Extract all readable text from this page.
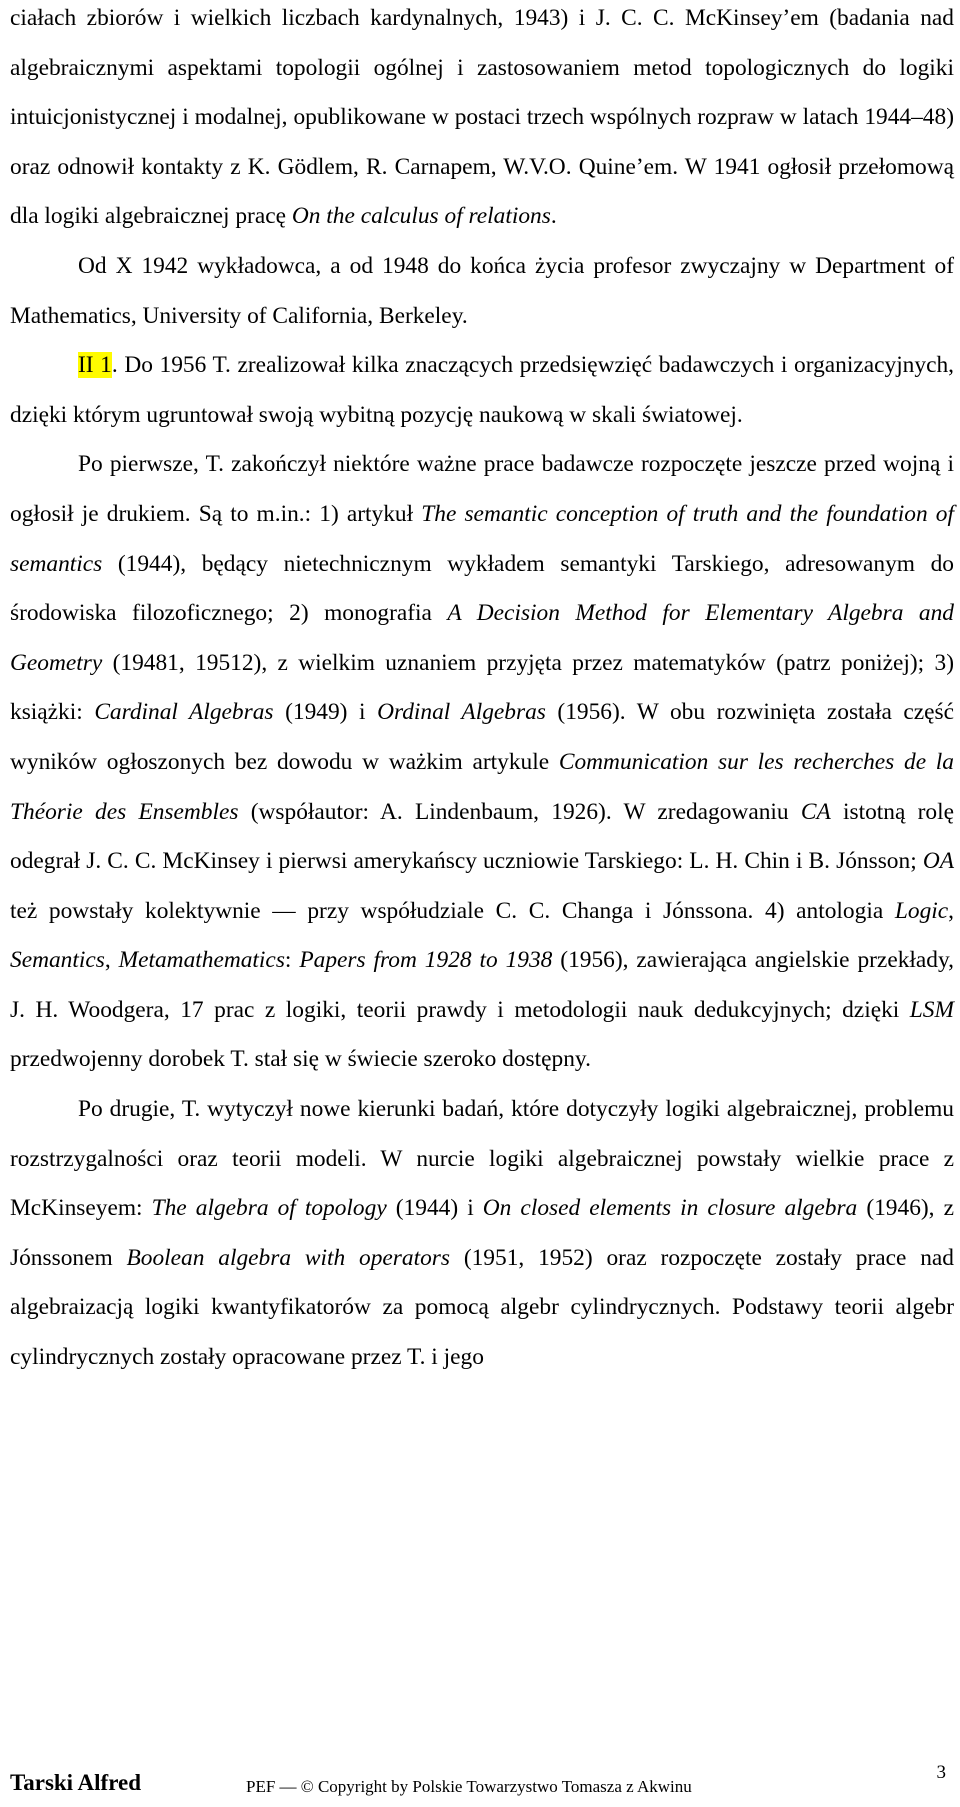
ciałach zbiorów i wielkich liczbach kardynalnych, 1943) i J. C. C. McKinsey’em (badania nad algebraicznymi aspektami topologii ogólnej i zastosowaniem metod topologicznych do logiki intuicjonistycznej i modalnej, opublikowane w postaci trzech wspólnych rozpraw w latach 1944–48) oraz odnowił kontakty z K. Gödlem, R. Carnapem, W.V.O. Quine’em. W 1941 ogłosił przełomową dla logiki algebraicznej pracę On the calculus of relations.

Od X 1942 wykładowca, a od 1948 do końca życia profesor zwyczajny w Department of Mathematics, University of California, Berkeley.

II 1. Do 1956 T. zrealizował kilka znaczących przedsięwzięć badawczych i organizacyjnych, dzięki którym ugruntował swoją wybitną pozycję naukową w skali światowej.

Po pierwsze, T. zakończył niektóre ważne prace badawcze rozpoczęte jeszcze przed wojną i ogłosił je drukiem. Są to m.in.: 1) artykuł The semantic conception of truth and the foundation of semantics (1944), będący nietechnicznym wykładem semantyki Tarskiego, adresowanym do środowiska filozoficznego; 2) monografia A Decision Method for Elementary Algebra and Geometry (19481, 19512), z wielkim uznaniem przyjęta przez matematyków (patrz poniżej); 3) książki: Cardinal Algebras (1949) i Ordinal Algebras (1956). W obu rozwinięta została część wyników ogłoszonych bez dowodu w ważkim artykule Communication sur les recherches de la Théorie des Ensembles (współautor: A. Lindenbaum, 1926). W zredagowaniu CA istotną rolę odegrał J. C. C. McKinsey i pierwsi amerykańscy uczniowie Tarskiego: L. H. Chin i B. Jónsson; OA też powstały kolektywnie — przy współudziale C. C. Changa i Jónssona. 4) antologia Logic, Semantics, Metamathematics: Papers from 1928 to 1938 (1956), zawierająca angielskie przekłady, J. H. Woodgera, 17 prac z logiki, teorii prawdy i metodologii nauk dedukcyjnych; dzięki LSM przedwojenny dorobek T. stał się w świecie szeroko dostępny.

Po drugie, T. wytyczył nowe kierunki badań, które dotyczyły logiki algebraicznej, problemu rozstrzygalności oraz teorii modeli. W nurcie logiki algebraicznej powstały wielkie prace z McKinseyem: The algebra of topology (1944) i On closed elements in closure algebra (1946), z Jónssonem Boolean algebra with operators (1951, 1952) oraz rozpoczęte zostały prace nad algebraizacją logiki kwantyfikatorów za pomocą algebr cylindrycznych. Podstawy teorii algebr cylindrycznych zostały opracowane przez T. i jego

Tarski Alfred	PEF — © Copyright by Polskie Towarzystwo Tomasza z Akwinu
3
